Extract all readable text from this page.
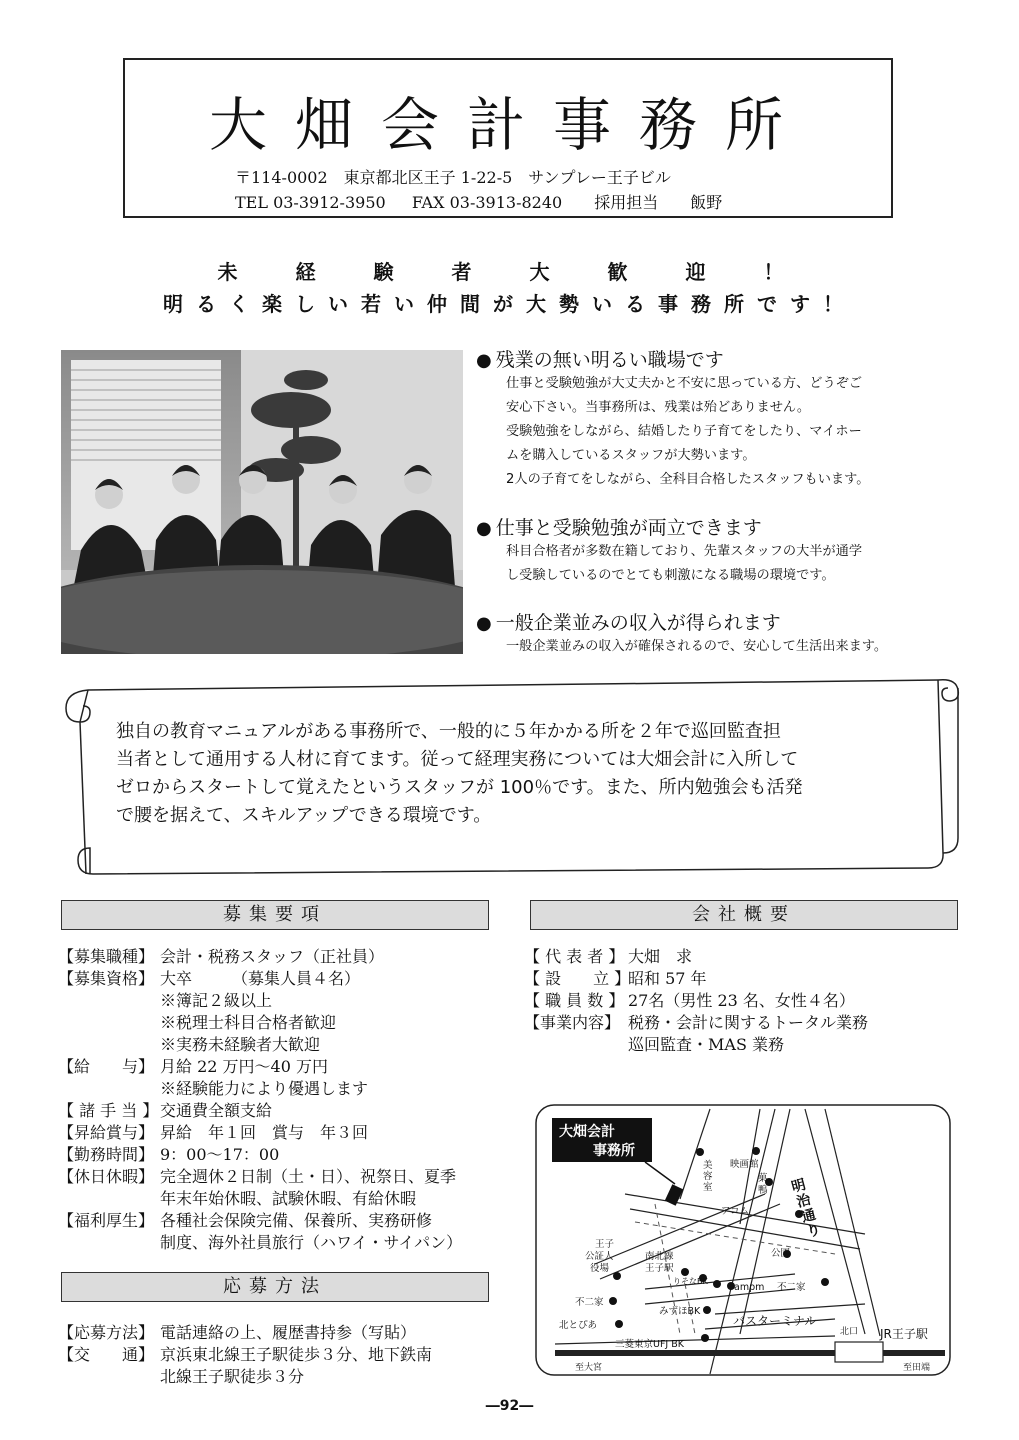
大畑会計事務所
〒114-0002　東京都北区王子 1-22-5　サンプレー王子ビル
TEL 03-3912-3950　  FAX 03-3913-8240　　採用担当　　飯野
未経験者大歓迎！
明るく楽しい若い仲間が大勢いる事務所です！
● 残業の無い明るい職場です
仕事と受験勉強が大丈夫かと不安に思っている方、どうぞご
安心下さい。当事務所は、残業は殆どありません。
受験勉強をしながら、結婚したり子育てをしたり、マイホー
ムを購入しているスタッフが大勢います。
2人の子育てをしながら、全科目合格したスタッフもいます。
● 仕事と受験勉強が両立できます
科目合格者が多数在籍しており、先輩スタッフの大半が通学
し受験しているのでとても刺激になる職場の環境です。
● 一般企業並みの収入が得られます
一般企業並みの収入が確保されるので、安心して生活出来ます。
独自の教育マニュアルがある事務所で、一般的に５年かかる所を２年で巡回監査担
当者として通用する人材に育てます。従って経理実務については大畑会計に入所して
ゼロからスタートして覚えたというスタッフが 100％です。また、所内勉強会も活発
で腰を据えて、スキルアップできる環境です。
募集要項	会社概要
応募方法
【募集職種】 会計・税務スタッフ（正社員）
【募集資格】 大卒　　　（募集人員４名）
※簿記２級以上
※税理士科目合格者歓迎
※実務未経験者大歓迎
【給　　与】 月給 22 万円～40 万円
※経験能力により優遇します
【 諸 手 当 】 交通費全額支給
【昇給賞与】 昇給　年１回　賞与　年３回
【勤務時間】 9：00～17：00
【休日休暇】 完全週休２日制（土・日）、祝祭日、夏季
年末年始休暇、試験休暇、有給休暇
【福利厚生】 各種社会保険完備、保養所、実務研修
制度、海外社員旅行（ハワイ・サイパン）
【応募方法】 電話連絡の上、履歴書持参（写貼）
【交　　通】 京浜東北線王子駅徒歩３分、地下鉄南
北線王子駅徒歩３分
【 代 表 者 】 大畑　求
【 設　　立 】昭和 57 年
【 職 員 数 】 27名（男性 23 名、女性４名）
【事業内容】 税務・会計に関するトータル業務
巡回監査・MAS 業務
大畑会計
事務所
美
容
室
映画館
菓
鴨
アコム
公園
王子
公証人
役場
南北線
王子駅
りそなBK
ampm 不二家
不二家
みずほBK
北とぴあ
三菱東京UFJ BK
北口
至大宮	至田端
バスターミナル
JR王子駅
明
治
通
り
―92―
